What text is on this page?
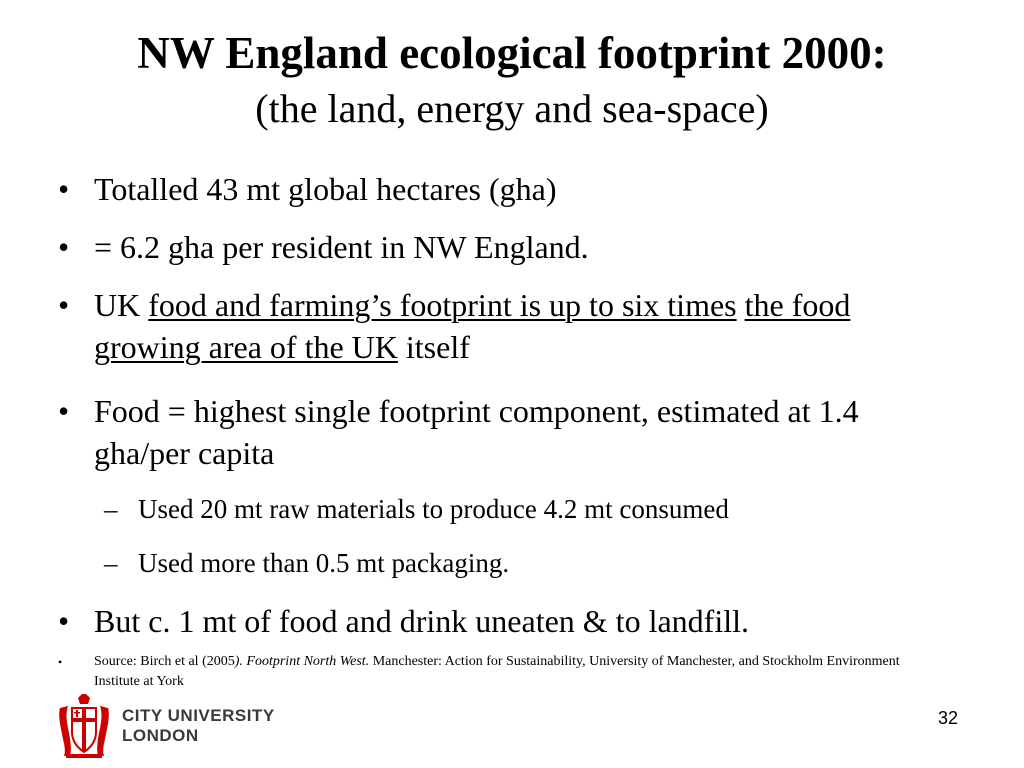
NW England ecological footprint 2000:
(the land, energy and sea-space)
• Totalled 43 mt global hectares (gha)
• = 6.2 gha per resident in NW England.
• UK food and farming’s footprint is up to six times the food growing area of the UK itself
• Food = highest single footprint component, estimated at 1.4 gha/per capita
– Used 20 mt raw materials to produce 4.2 mt consumed
– Used more than 0.5 mt packaging.
• But c. 1 mt of food and drink uneaten & to landfill.
• Source: Birch et al (2005). Footprint North West. Manchester: Action for Sustainability, University of Manchester, and Stockholm Environment Institute at York
CITY UNIVERSITY
LONDON
32
